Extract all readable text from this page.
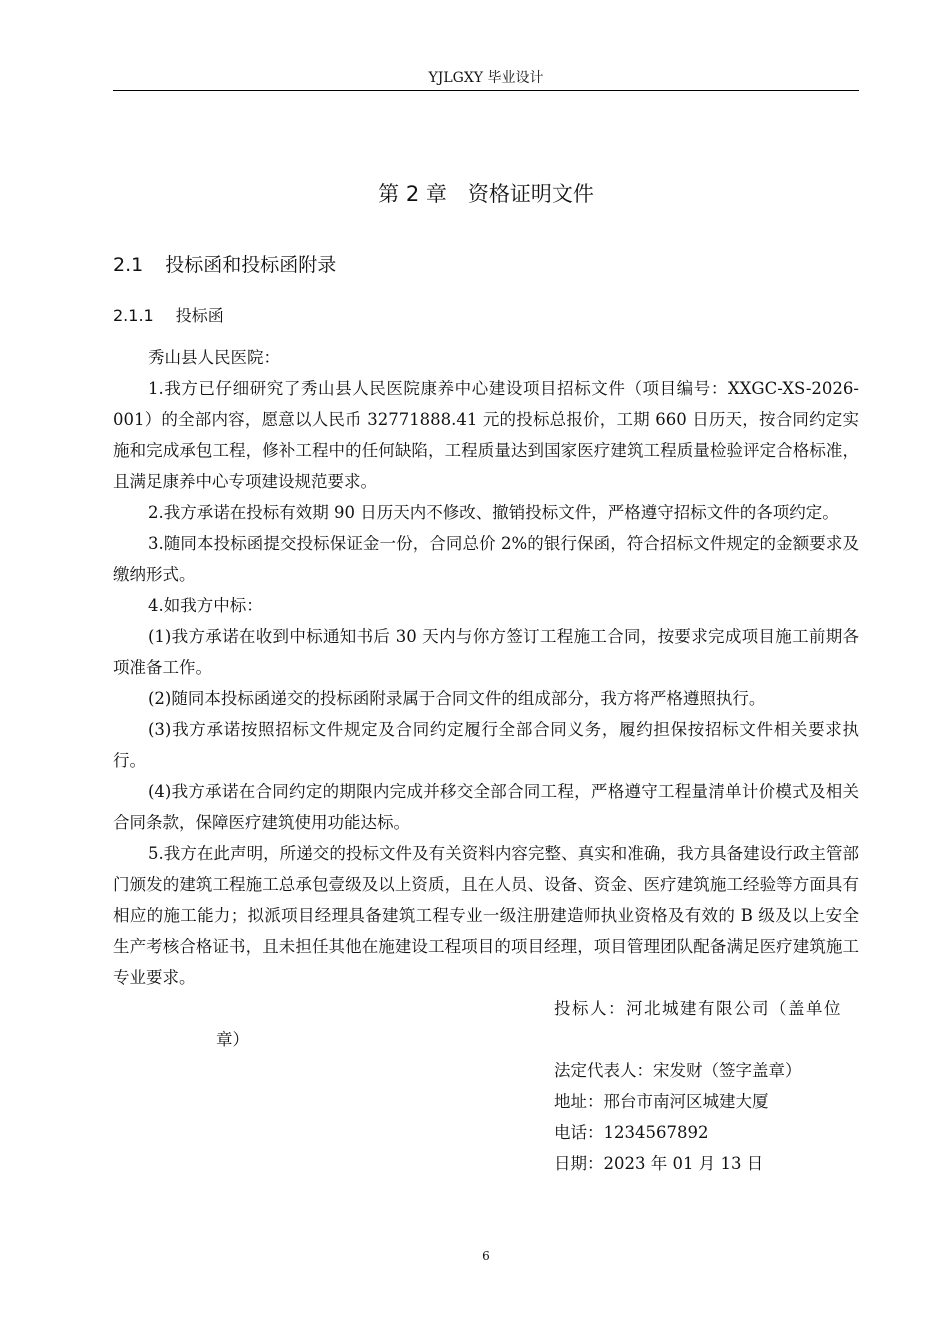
YJLGXY 毕业设计
第 2 章　资格证明文件
2.1 投标函和投标函附录
2.1.1 投标函

秀山县人民医院：

1.我方已仔细研究了秀山县人民医院康养中心建设项目招标文件（项目编号：XXGC-XS-2026-001）的全部内容，愿意以人民币 32771888.41 元的投标总报价，工期 660 日历天，按合同约定实施和完成承包工程，修补工程中的任何缺陷，工程质量达到国家医疗建筑工程质量检验评定合格标准，且满足康养中心专项建设规范要求。

2.我方承诺在投标有效期 90 日历天内不修改、撤销投标文件，严格遵守招标文件的各项约定。

3.随同本投标函提交投标保证金一份，合同总价 2%的银行保函，符合招标文件规定的金额要求及缴纳形式。

4.如我方中标：

(1)我方承诺在收到中标通知书后 30 天内与你方签订工程施工合同，按要求完成项目施工前期各项准备工作。

(2)随同本投标函递交的投标函附录属于合同文件的组成部分，我方将严格遵照执行。

(3)我方承诺按照招标文件规定及合同约定履行全部合同义务，履约担保按招标文件相关要求执行。

(4)我方承诺在合同约定的期限内完成并移交全部合同工程，严格遵守工程量清单计价模式及相关合同条款，保障医疗建筑使用功能达标。

5.我方在此声明，所递交的投标文件及有关资料内容完整、真实和准确，我方具备建设行政主管部门颁发的建筑工程施工总承包壹级及以上资质，且在人员、设备、资金、医疗建筑施工经验等方面具有相应的施工能力；拟派项目经理具备建筑工程专业一级注册建造师执业资格及有效的 B 级及以上安全生产考核合格证书，且未担任其他在施建设工程项目的项目经理，项目管理团队配备满足医疗建筑施工专业要求。

投标人：河北城建有限公司（盖单位

章）

法定代表人：宋发财（签字盖章）

地址：邢台市南河区城建大厦

电话：1234567892

日期：2023 年 01 月 13 日

6
